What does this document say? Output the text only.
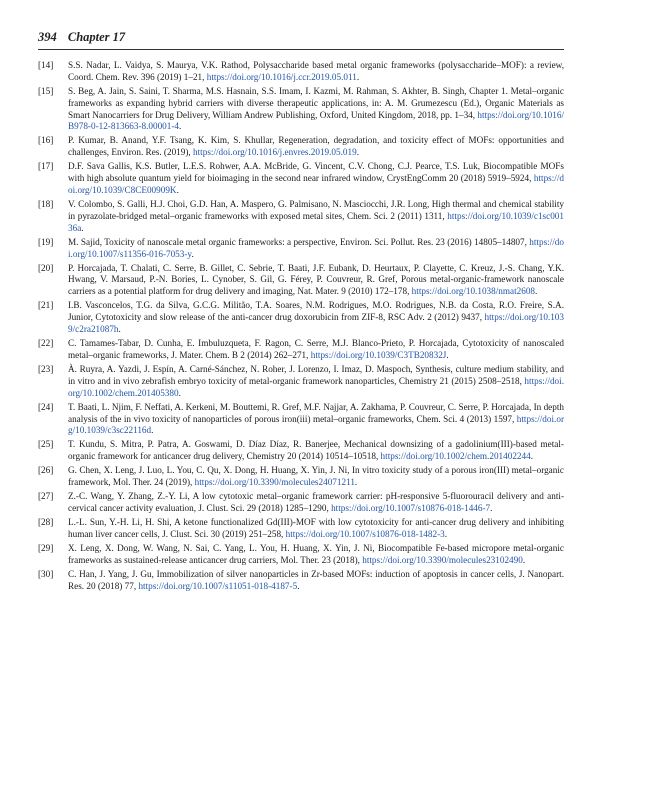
394 Chapter 17
[14]	S.S. Nadar, L. Vaidya, S. Maurya, V.K. Rathod, Polysaccharide based metal organic frameworks (polysaccharide–MOF): a review, Coord. Chem. Rev. 396 (2019) 1–21, https://doi.org/10.1016/j.ccr.2019.05.011.
[15]	S. Beg, A. Jain, S. Saini, T. Sharma, M.S. Hasnain, S.S. Imam, I. Kazmi, M. Rahman, S. Akhter, B. Singh, Chapter 1. Metal–organic frameworks as expanding hybrid carriers with diverse therapeutic applications, in: A. M. Grumezescu (Ed.), Organic Materials as Smart Nanocarriers for Drug Delivery, William Andrew Publishing, Oxford, United Kingdom, 2018, pp. 1–34, https://doi.org/10.1016/B978-0-12-813663-8.00001-4.
[16]	P. Kumar, B. Anand, Y.F. Tsang, K. Kim, S. Khullar, Regeneration, degradation, and toxicity effect of MOFs: opportunities and challenges, Environ. Res. (2019), https://doi.org/10.1016/j.envres.2019.05.019.
[17]	D.F. Sava Gallis, K.S. Butler, L.E.S. Rohwer, A.A. McBride, G. Vincent, C.V. Chong, C.J. Pearce, T.S. Luk, Biocompatible MOFs with high absolute quantum yield for bioimaging in the second near infrared window, CrystEngComm 20 (2018) 5919–5924, https://doi.org/10.1039/C8CE00909K.
[18]	V. Colombo, S. Galli, H.J. Choi, G.D. Han, A. Maspero, G. Palmisano, N. Masciocchi, J.R. Long, High thermal and chemical stability in pyrazolate-bridged metal–organic frameworks with exposed metal sites, Chem. Sci. 2 (2011) 1311, https://doi.org/10.1039/c1sc00136a.
[19]	M. Sajid, Toxicity of nanoscale metal organic frameworks: a perspective, Environ. Sci. Pollut. Res. 23 (2016) 14805–14807, https://doi.org/10.1007/s11356-016-7053-y.
[20]	P. Horcajada, T. Chalati, C. Serre, B. Gillet, C. Sebrie, T. Baati, J.F. Eubank, D. Heurtaux, P. Clayette, C. Kreuz, J.-S. Chang, Y.K. Hwang, V. Marsaud, P.-N. Bories, L. Cynober, S. Gil, G. Férey, P. Couvreur, R. Gref, Porous metal-organic-framework nanoscale carriers as a potential platform for drug delivery and imaging, Nat. Mater. 9 (2010) 172–178, https://doi.org/10.1038/nmat2608.
[21]	I.B. Vasconcelos, T.G. da Silva, G.C.G. Militão, T.A. Soares, N.M. Rodrigues, M.O. Rodrigues, N.B. da Costa, R.O. Freire, S.A. Junior, Cytotoxicity and slow release of the anti-cancer drug doxorubicin from ZIF-8, RSC Adv. 2 (2012) 9437, https://doi.org/10.1039/c2ra21087h.
[22]	C. Tamames-Tabar, D. Cunha, E. Imbuluzqueta, F. Ragon, C. Serre, M.J. Blanco-Prieto, P. Horcajada, Cytotoxicity of nanoscaled metal–organic frameworks, J. Mater. Chem. B 2 (2014) 262–271, https://doi.org/10.1039/C3TB20832J.
[23]	À. Ruyra, A. Yazdi, J. Espín, A. Carné-Sánchez, N. Roher, J. Lorenzo, I. Imaz, D. Maspoch, Synthesis, culture medium stability, and in vitro and in vivo zebrafish embryo toxicity of metal-organic framework nanoparticles, Chemistry 21 (2015) 2508–2518, https://doi.org/10.1002/chem.201405380.
[24]	T. Baati, L. Njim, F. Neffati, A. Kerkeni, M. Bouttemi, R. Gref, M.F. Najjar, A. Zakhama, P. Couvreur, C. Serre, P. Horcajada, In depth analysis of the in vivo toxicity of nanoparticles of porous iron(iii) metal–organic frameworks, Chem. Sci. 4 (2013) 1597, https://doi.org/10.1039/c3sc22116d.
[25]	T. Kundu, S. Mitra, P. Patra, A. Goswami, D. Díaz Díaz, R. Banerjee, Mechanical downsizing of a gadolinium(III)-based metal-organic framework for anticancer drug delivery, Chemistry 20 (2014) 10514–10518, https://doi.org/10.1002/chem.201402244.
[26]	G. Chen, X. Leng, J. Luo, L. You, C. Qu, X. Dong, H. Huang, X. Yin, J. Ni, In vitro toxicity study of a porous iron(III) metal–organic framework, Mol. Ther. 24 (2019), https://doi.org/10.3390/molecules24071211.
[27]	Z.-C. Wang, Y. Zhang, Z.-Y. Li, A low cytotoxic metal–organic framework carrier: pH-responsive 5-fluorouracil delivery and anti-cervical cancer activity evaluation, J. Clust. Sci. 29 (2018) 1285–1290, https://doi.org/10.1007/s10876-018-1446-7.
[28]	L.-L. Sun, Y.-H. Li, H. Shi, A ketone functionalized Gd(III)-MOF with low cytotoxicity for anti-cancer drug delivery and inhibiting human liver cancer cells, J. Clust. Sci. 30 (2019) 251–258, https://doi.org/10.1007/s10876-018-1482-3.
[29]	X. Leng, X. Dong, W. Wang, N. Sai, C. Yang, L. You, H. Huang, X. Yin, J. Ni, Biocompatible Fe-based micropore metal-organic frameworks as sustained-release anticancer drug carriers, Mol. Ther. 23 (2018), https://doi.org/10.3390/molecules23102490.
[30]	C. Han, J. Yang, J. Gu, Immobilization of silver nanoparticles in Zr-based MOFs: induction of apoptosis in cancer cells, J. Nanopart. Res. 20 (2018) 77, https://doi.org/10.1007/s11051-018-4187-5.
